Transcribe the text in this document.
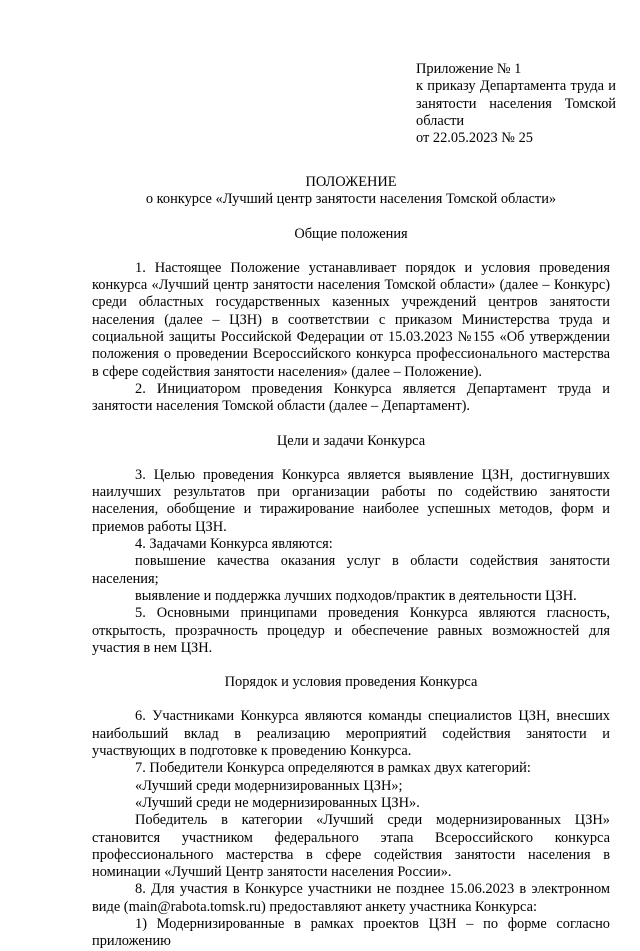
Приложение № 1
к приказу Департамента труда и
занятости населения Томской
области
от 22.05.2023 № 25
ПОЛОЖЕНИЕ
о конкурсе «Лучший центр занятости населения Томской области»
Общие положения

1. Настоящее Положение устанавливает порядок и условия проведения конкурса «Лучший центр занятости населения Томской области» (далее – Конкурс) среди областных государственных казенных учреждений центров занятости населения (далее – ЦЗН) в соответствии с приказом Министерства труда и социальной защиты Российской Федерации от 15.03.2023 №155 «Об утверждении положения о проведении Всероссийского конкурса профессионального мастерства в сфере содействия занятости населения» (далее – Положение).

2. Инициатором проведения Конкурса является Департамент труда и занятости населения Томской области (далее – Департамент).

Цели и задачи Конкурса

3. Целью проведения Конкурса является выявление ЦЗН, достигнувших наилучших результатов при организации работы по содействию занятости населения, обобщение и тиражирование наиболее успешных методов, форм и приемов работы ЦЗН.

4. Задачами Конкурса являются:

повышение качества оказания услуг в области содействия занятости населения;

выявление и поддержка лучших подходов/практик в деятельности ЦЗН.

5. Основными принципами проведения Конкурса являются гласность, открытость, прозрачность процедур и обеспечение равных возможностей для участия в нем ЦЗН.

Порядок и условия проведения Конкурса

6. Участниками Конкурса являются команды специалистов ЦЗН, внесших наибольший вклад в реализацию мероприятий содействия занятости и участвующих в подготовке к проведению Конкурса.

7. Победители Конкурса определяются в рамках двух категорий:

«Лучший среди модернизированных ЦЗН»;

«Лучший среди не модернизированных ЦЗН».

Победитель в категории «Лучший среди модернизированных ЦЗН» становится участником федерального этапа Всероссийского конкурса профессионального мастерства в сфере содействия занятости населения в номинации «Лучший Центр занятости населения России».

8. Для участия в Конкурсе участники не позднее 15.06.2023 в электронном виде (main@rabota.tomsk.ru) предоставляют анкету участника Конкурса:

1) Модернизированные в рамках проектов ЦЗН – по форме согласно приложению
